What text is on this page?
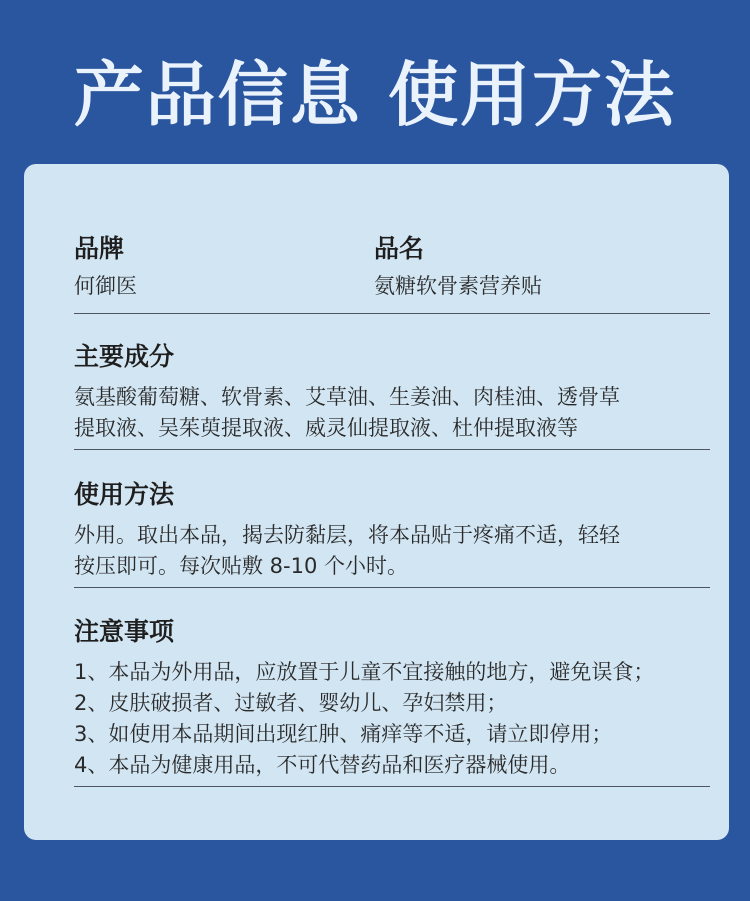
产品信息 使用方法
品牌
何御医
品名
氨糖软骨素营养贴
主要成分
氨基酸葡萄糖、软骨素、艾草油、生姜油、肉桂油、透骨草
提取液、吴茱萸提取液、威灵仙提取液、杜仲提取液等
使用方法
外用。取出本品，揭去防黏层，将本品贴于疼痛不适，轻轻
按压即可。每次贴敷 8-10 个小时。
注意事项
1、本品为外用品，应放置于儿童不宜接触的地方，避免误食；
2、皮肤破损者、过敏者、婴幼儿、孕妇禁用；
3、如使用本品期间出现红肿、痛痒等不适，请立即停用；
4、本品为健康用品，不可代替药品和医疗器械使用。
